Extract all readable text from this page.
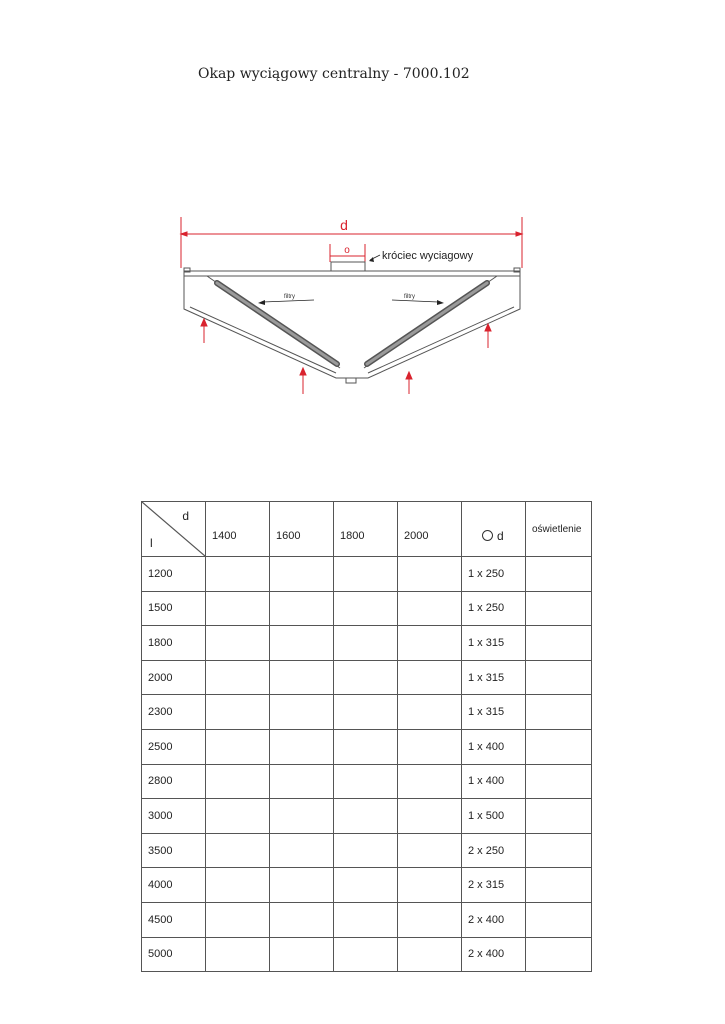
Okap wyciągowy centralny - 7000.102
d
o	króciec wyciagowy
filtry	filtry
d
l	1400	1600	1800	2000	d	oświetlenie
1200					1 x 250	
1500					1 x 250	
1800					1 x 315	
2000					1 x 315	
2300					1 x 315	
2500					1 x 400	
2800					1 x 400	
3000					1 x 500	
3500					2 x 250	
4000					2 x 315	
4500					2 x 400	
5000					2 x 400	
